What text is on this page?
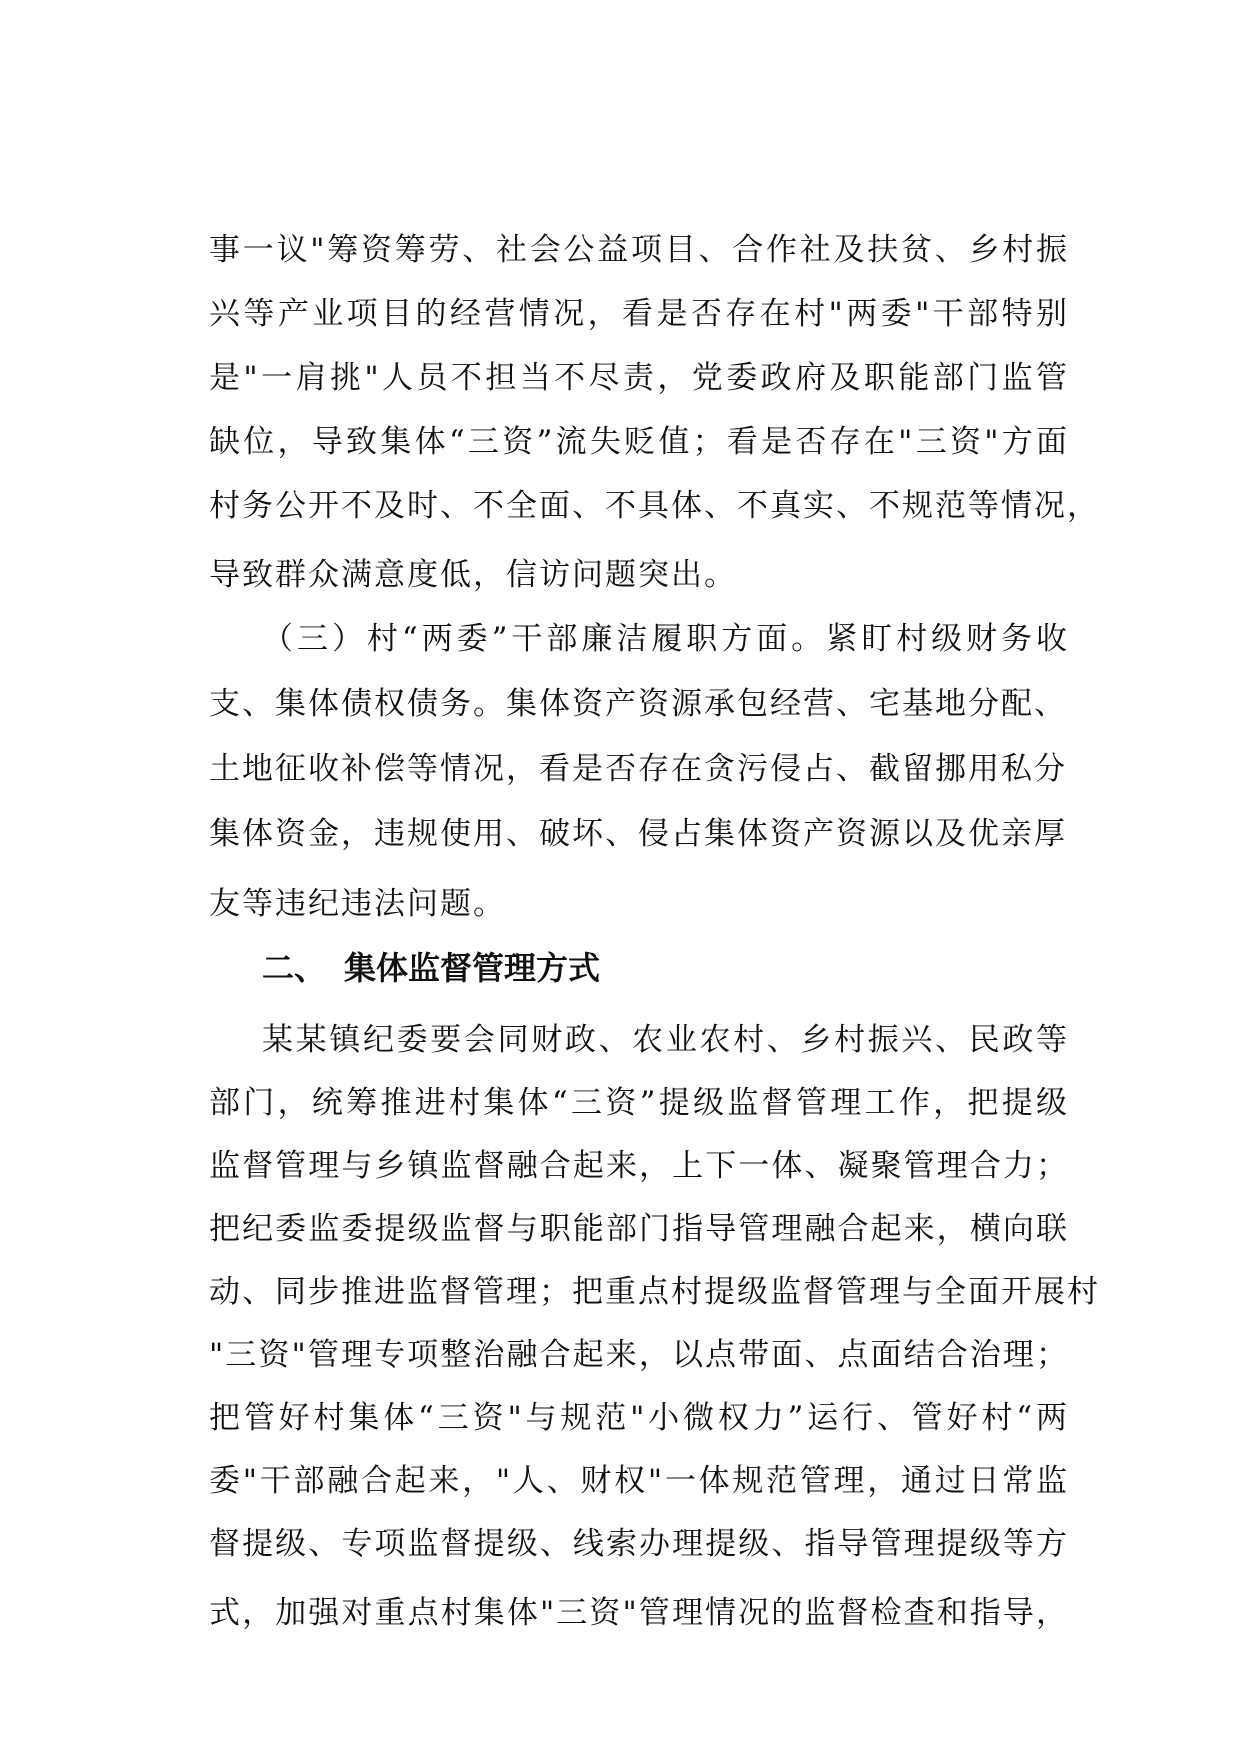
事一议"筹资筹劳、社会公益项目、合作社及扶贫、乡村振
兴等产业项目的经营情况，看是否存在村"两委"干部特别
是"一肩挑"人员不担当不尽责，党委政府及职能部门监管
缺位，导致集体“三资”流失贬值；看是否存在"三资"方面
村务公开不及时、不全面、不具体、不真实、不规范等情况，
导致群众满意度低，信访问题突出。
（三）村“两委”干部廉洁履职方面。紧盯村级财务收
支、集体债权债务。集体资产资源承包经营、宅基地分配、
土地征收补偿等情况，看是否存在贪污侵占、截留挪用私分
集体资金，违规使用、破坏、侵占集体资产资源以及优亲厚
友等违纪违法问题。
二、 集体监督管理方式
某某镇纪委要会同财政、农业农村、乡村振兴、民政等
部门，统筹推进村集体“三资”提级监督管理工作，把提级
监督管理与乡镇监督融合起来，上下一体、凝聚管理合力；
把纪委监委提级监督与职能部门指导管理融合起来，横向联
动、同步推进监督管理；把重点村提级监督管理与全面开展村
"三资"管理专项整治融合起来，以点带面、点面结合治理；
把管好村集体“三资"与规范"小微权力”运行、管好村“两
委"干部融合起来，"人、财权"一体规范管理，通过日常监
督提级、专项监督提级、线索办理提级、指导管理提级等方
式，加强对重点村集体"三资"管理情况的监督检查和指导，
